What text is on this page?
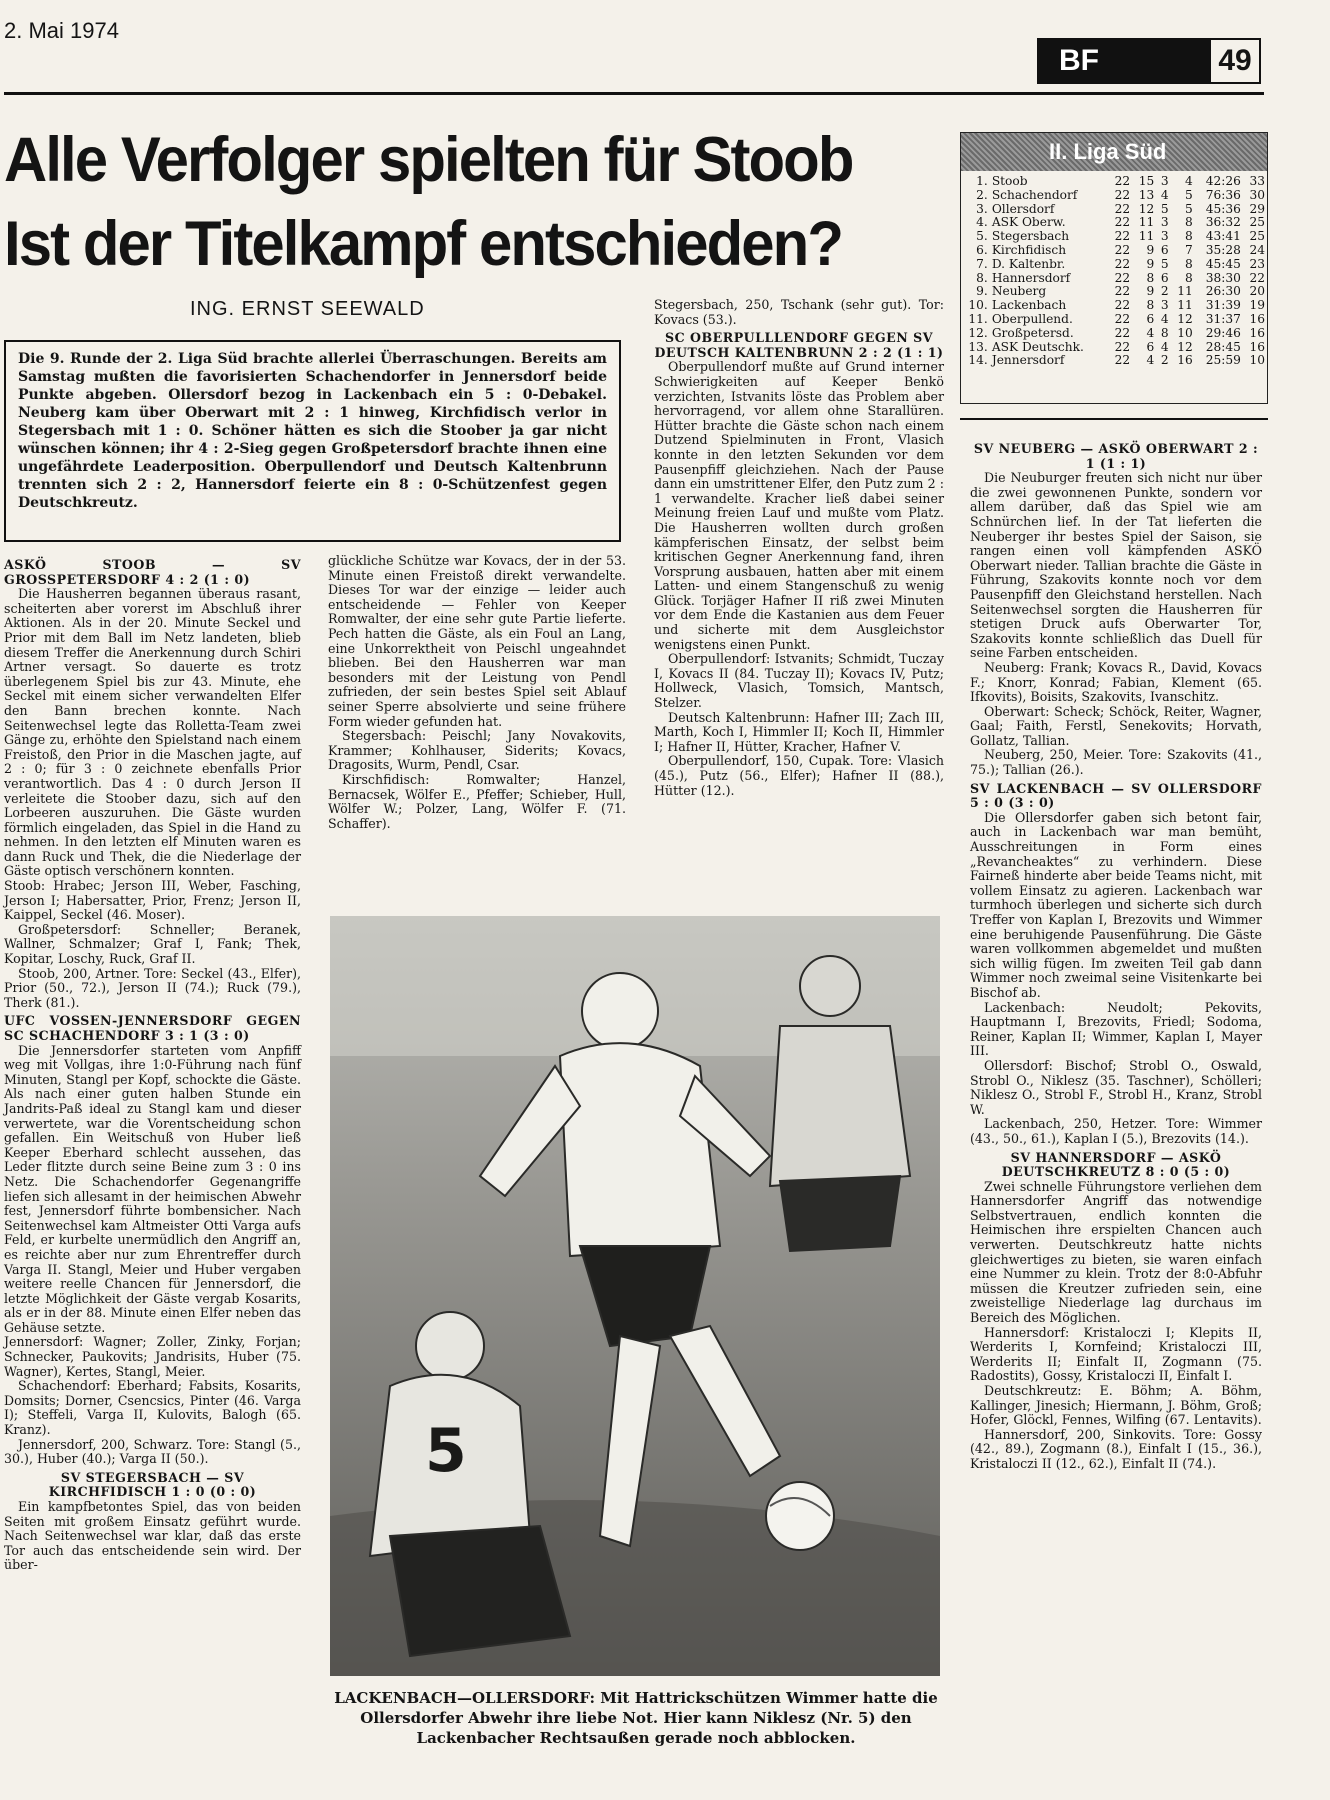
2. Mai 1974
BF	49
Alle Verfolger spielten für Stoob
Ist der Titelkampf entschieden?
ING. ERNST SEEWALD
Die 9. Runde der 2. Liga Süd brachte allerlei Überraschungen. Bereits am Samstag mußten die favorisierten Schachendorfer in Jennersdorf beide Punkte abgeben. Ollersdorf bezog in Lackenbach ein 5 : 0-Debakel. Neuberg kam über Oberwart mit 2 : 1 hinweg, Kirchfidisch verlor in Stegersbach mit 1 : 0. Schöner hätten es sich die Stoober ja gar nicht wünschen können; ihr 4 : 2-Sieg gegen Großpetersdorf brachte ihnen eine ungefährdete Leaderposition. Oberpullendorf und Deutsch Kaltenbrunn trennten sich 2 : 2, Hannersdorf feierte ein 8 : 0-Schützenfest gegen Deutschkreutz.
II. Liga Süd
1.	Stoob	22	15	3	4	42:26	33
2.	Schachendorf	22	13	4	5	76:36	30
3.	Ollersdorf	22	12	5	5	45:36	29
4.	ASK Oberw.	22	11	3	8	36:32	25
5.	Stegersbach	22	11	3	8	43:41	25
6.	Kirchfidisch	22	9	6	7	35:28	24
7.	D. Kaltenbr.	22	9	5	8	45:45	23
8.	Hannersdorf	22	8	6	8	38:30	22
9.	Neuberg	22	9	2	11	26:30	20
10.	Lackenbach	22	8	3	11	31:39	19
11.	Oberpullend.	22	6	4	12	31:37	16
12.	Großpetersd.	22	4	8	10	29:46	16
13.	ASK Deutschk.	22	6	4	12	28:45	16
14.	Jennersdorf	22	4	2	16	25:59	10

ASKÖ STOOB — SV GROSSPETERSDORF 4 : 2 (1 : 0)

Die Hausherren begannen überaus rasant, scheiterten aber vorerst im Abschluß ihrer Aktionen. Als in der 20. Minute Seckel und Prior mit dem Ball im Netz landeten, blieb diesem Treffer die Anerkennung durch Schiri Artner versagt. So dauerte es trotz überlegenem Spiel bis zur 43. Minute, ehe Seckel mit einem sicher verwandelten Elfer den Bann brechen konnte. Nach Seitenwechsel legte das Rolletta-Team zwei Gänge zu, erhöhte den Spielstand nach einem Freistoß, den Prior in die Maschen jagte, auf 2 : 0; für 3 : 0 zeichnete ebenfalls Prior verantwortlich. Das 4 : 0 durch Jerson II verleitete die Stoober dazu, sich auf den Lorbeeren auszuruhen. Die Gäste wurden förmlich eingeladen, das Spiel in die Hand zu nehmen. In den letzten elf Minuten waren es dann Ruck und Thek, die die Niederlage der Gäste optisch verschönern konnten.

Stoob: Hrabec; Jerson III, Weber, Fasching, Jerson I; Habersatter, Prior, Frenz; Jerson II, Kaippel, Seckel (46. Moser).

Großpetersdorf: Schneller; Beranek, Wallner, Schmalzer; Graf I, Fank; Thek, Kopitar, Loschy, Ruck, Graf II.

Stoob, 200, Artner. Tore: Seckel (43., Elfer), Prior (50., 72.), Jerson II (74.); Ruck (79.), Therk (81.).

UFC VOSSEN-JENNERSDORF GEGEN SC SCHACHENDORF 3 : 1 (3 : 0)

Die Jennersdorfer starteten vom Anpfiff weg mit Vollgas, ihre 1:0-Führung nach fünf Minuten, Stangl per Kopf, schockte die Gäste. Als nach einer guten halben Stunde ein Jandrits-Paß ideal zu Stangl kam und dieser verwertete, war die Vorentscheidung schon gefallen. Ein Weitschuß von Huber ließ Keeper Eberhard schlecht aussehen, das Leder flitzte durch seine Beine zum 3 : 0 ins Netz. Die Schachendorfer Gegenangriffe liefen sich allesamt in der heimischen Abwehr fest, Jennersdorf führte bombensicher. Nach Seitenwechsel kam Altmeister Otti Varga aufs Feld, er kurbelte unermüdlich den Angriff an, es reichte aber nur zum Ehrentreffer durch Varga II. Stangl, Meier und Huber vergaben weitere reelle Chancen für Jennersdorf, die letzte Möglichkeit der Gäste vergab Kosarits, als er in der 88. Minute einen Elfer neben das Gehäuse setzte.

Jennersdorf: Wagner; Zoller, Zinky, Forjan; Schnecker, Paukovits; Jandrisits, Huber (75. Wagner), Kertes, Stangl, Meier.

Schachendorf: Eberhard; Fabsits, Kosarits, Domsits; Dorner, Csencsics, Pinter (46. Varga I); Steffeli, Varga II, Kulovits, Balogh (65. Kranz).

Jennersdorf, 200, Schwarz. Tore: Stangl (5., 30.), Huber (40.); Varga II (50.).

SV STEGERSBACH — SV KIRCHFIDISCH 1 : 0 (0 : 0)

Ein kampfbetontes Spiel, das von beiden Seiten mit großem Einsatz geführt wurde. Nach Seitenwechsel war klar, daß das erste Tor auch das entscheidende sein wird. Der über-

glückliche Schütze war Kovacs, der in der 53. Minute einen Freistoß direkt verwandelte. Dieses Tor war der einzige — leider auch entscheidende — Fehler von Keeper Romwalter, der eine sehr gute Partie lieferte. Pech hatten die Gäste, als ein Foul an Lang, eine Unkorrektheit von Peischl ungeahndet blieben. Bei den Hausherren war man besonders mit der Leistung von Pendl zufrieden, der sein bestes Spiel seit Ablauf seiner Sperre absolvierte und seine frühere Form wieder gefunden hat.

Stegersbach: Peischl; Jany Novakovits, Krammer; Kohlhauser, Siderits; Kovacs, Dragosits, Wurm, Pendl, Csar.

Kirschfidisch: Romwalter; Hanzel, Bernacsek, Wölfer E., Pfeffer; Schieber, Hull, Wölfer W.; Polzer, Lang, Wölfer F. (71. Schaffer).

Stegersbach, 250, Tschank (sehr gut). Tor: Kovacs (53.).

SC OBERPULLLENDORF GEGEN SV DEUTSCH KALTENBRUNN 2 : 2 (1 : 1)

Oberpullendorf mußte auf Grund interner Schwierigkeiten auf Keeper Benkö verzichten, Istvanits löste das Problem aber hervorragend, vor allem ohne Starallüren. Hütter brachte die Gäste schon nach einem Dutzend Spielminuten in Front, Vlasich konnte in den letzten Sekunden vor dem Pausenpfiff gleichziehen. Nach der Pause dann ein umstrittener Elfer, den Putz zum 2 : 1 verwandelte. Kracher ließ dabei seiner Meinung freien Lauf und mußte vom Platz. Die Hausherren wollten durch großen kämpferischen Einsatz, der selbst beim kritischen Gegner Anerkennung fand, ihren Vorsprung ausbauen, hatten aber mit einem Latten- und einem Stangenschuß zu wenig Glück. Torjäger Hafner II riß zwei Minuten vor dem Ende die Kastanien aus dem Feuer und sicherte mit dem Ausgleichstor wenigstens einen Punkt.

Oberpullendorf: Istvanits; Schmidt, Tuczay I, Kovacs II (84. Tuczay II); Kovacs IV, Putz; Hollweck, Vlasich, Tomsich, Mantsch, Stelzer.

Deutsch Kaltenbrunn: Hafner III; Zach III, Marth, Koch I, Himmler II; Koch II, Himmler I; Hafner II, Hütter, Kracher, Hafner V.

Oberpullendorf, 150, Cupak. Tore: Vlasich (45.), Putz (56., Elfer); Hafner II (88.), Hütter (12.).

SV NEUBERG — ASKÖ OBERWART 2 : 1 (1 : 1)

Die Neuburger freuten sich nicht nur über die zwei gewonnenen Punkte, sondern vor allem darüber, daß das Spiel wie am Schnürchen lief. In der Tat lieferten die Neuberger ihr bestes Spiel der Saison, sie rangen einen voll kämpfenden ASKÖ Oberwart nieder. Tallian brachte die Gäste in Führung, Szakovits konnte noch vor dem Pausenpfiff den Gleichstand herstellen. Nach Seitenwechsel sorgten die Hausherren für stetigen Druck aufs Oberwarter Tor, Szakovits konnte schließlich das Duell für seine Farben entscheiden.

Neuberg: Frank; Kovacs R., David, Kovacs F.; Knorr, Konrad; Fabian, Klement (65. Ifkovits), Boisits, Szakovits, Ivanschitz.

Oberwart: Scheck; Schöck, Reiter, Wagner, Gaal; Faith, Ferstl, Senekovits; Horvath, Gollatz, Tallian.

Neuberg, 250, Meier. Tore: Szakovits (41., 75.); Tallian (26.).

SV LACKENBACH — SV OLLERSDORF 5 : 0 (3 : 0)

Die Ollersdorfer gaben sich betont fair, auch in Lackenbach war man bemüht, Ausschreitungen in Form eines „Revancheaktes“ zu verhindern. Diese Fairneß hinderte aber beide Teams nicht, mit vollem Einsatz zu agieren. Lackenbach war turmhoch überlegen und sicherte sich durch Treffer von Kaplan I, Brezovits und Wimmer eine beruhigende Pausenführung. Die Gäste waren vollkommen abgemeldet und mußten sich willig fügen. Im zweiten Teil gab dann Wimmer noch zweimal seine Visitenkarte bei Bischof ab.

Lackenbach: Neudolt; Pekovits, Hauptmann I, Brezovits, Friedl; Sodoma, Reiner, Kaplan II; Wimmer, Kaplan I, Mayer III.

Ollersdorf: Bischof; Strobl O., Oswald, Strobl O., Niklesz (35. Taschner), Schölleri; Niklesz O., Strobl F., Strobl H., Kranz, Strobl W.

Lackenbach, 250, Hetzer. Tore: Wimmer (43., 50., 61.), Kaplan I (5.), Brezovits (14.).

SV HANNERSDORF — ASKÖ DEUTSCHKREUTZ 8 : 0 (5 : 0)

Zwei schnelle Führungstore verliehen dem Hannersdorfer Angriff das notwendige Selbstvertrauen, endlich konnten die Heimischen ihre erspielten Chancen auch verwerten. Deutschkreutz hatte nichts gleichwertiges zu bieten, sie waren einfach eine Nummer zu klein. Trotz der 8:0-Abfuhr müssen die Kreutzer zufrieden sein, eine zweistellige Niederlage lag durchaus im Bereich des Möglichen.

Hannersdorf: Kristaloczi I; Klepits II, Werderits I, Kornfeind; Kristaloczi III, Werderits II; Einfalt II, Zogmann (75. Radostits), Gossy, Kristaloczi II, Einfalt I.

Deutschkreutz: E. Böhm; A. Böhm, Kallinger, Jinesich; Hiermann, J. Böhm, Groß; Hofer, Glöckl, Fennes, Wilfing (67. Lentavits).

Hannersdorf, 200, Sinkovits. Tore: Gossy (42., 89.), Zogmann (8.), Einfalt I (15., 36.), Kristaloczi II (12., 62.), Einfalt II (74.).

5
LACKENBACH—OLLERSDORF: Mit Hattrickschützen Wimmer hatte die Ollersdorfer Abwehr ihre liebe Not. Hier kann Niklesz (Nr. 5) den Lackenbacher Rechtsaußen gerade noch abblocken.
